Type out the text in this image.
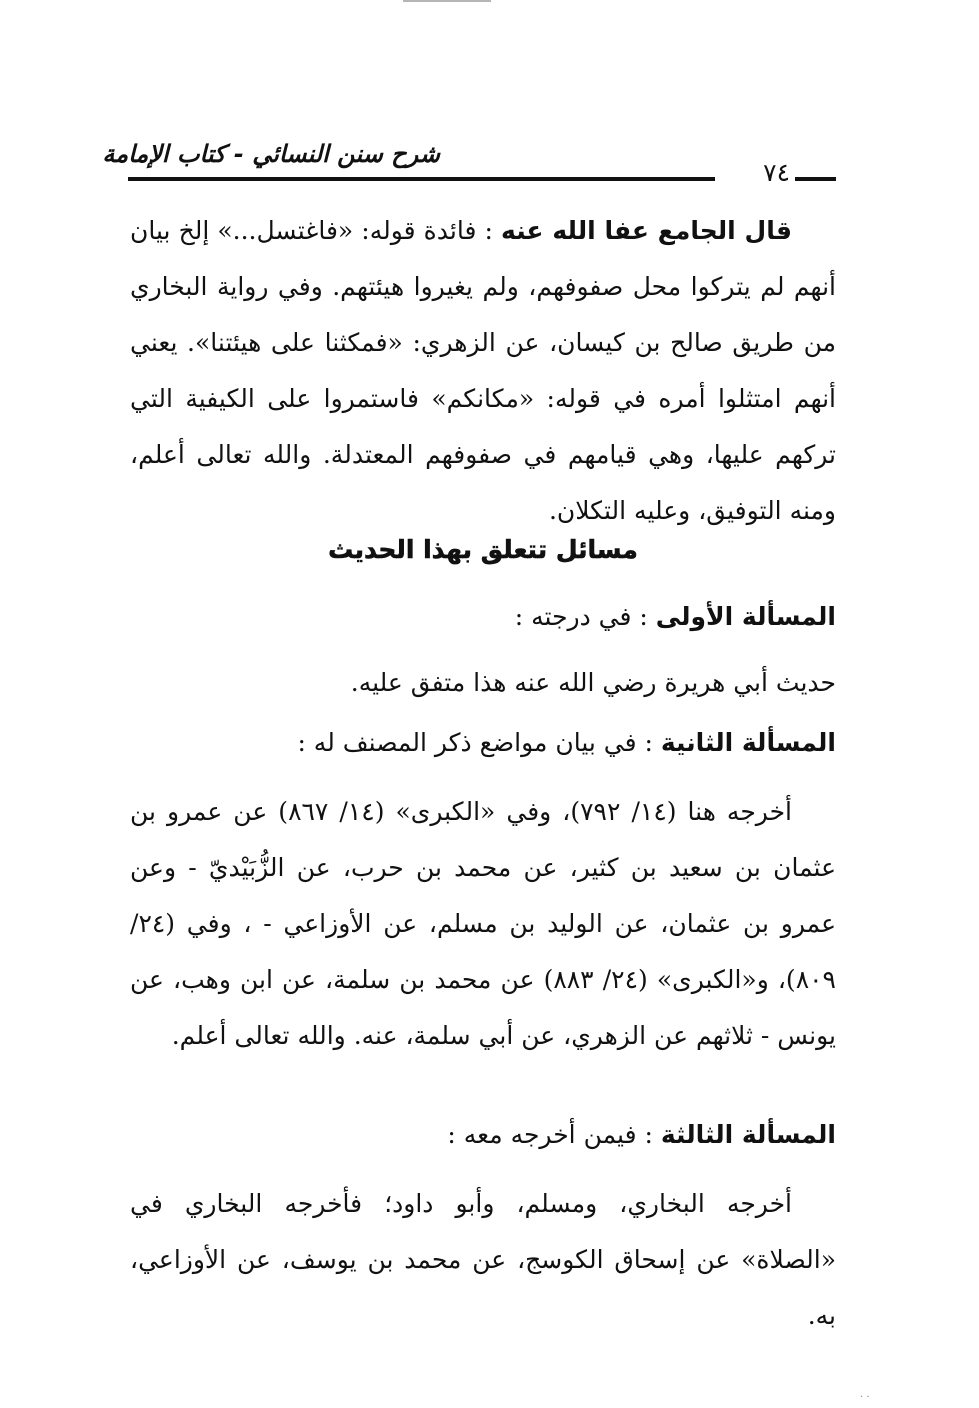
شرح سنن النسائي - كتاب الإمامة
٧٤
قال الجامع عفا الله عنه : فائدة قوله: «فاغتسل...» إلخ بيان أنهم لم يتركوا محل صفوفهم، ولم يغيروا هيئتهم. وفي رواية البخاري من طريق صالح بن كيسان، عن الزهري: «فمكثنا على هيئتنا». يعني أنهم امتثلوا أمره في قوله: «مكانكم» فاستمروا على الكيفية التي تركهم عليها، وهي قيامهم في صفوفهم المعتدلة. والله تعالى أعلم، ومنه التوفيق، وعليه التكلان.
مسائل تتعلق بهذا الحديث
المسألة الأولى : في درجته :
حديث أبي هريرة رضي الله عنه هذا متفق عليه.
المسألة الثانية : في بيان مواضع ذكر المصنف له :
أخرجه هنا (١٤/ ٧٩٢)، وفي «الكبرى» (١٤/ ٨٦٧) عن عمرو بن عثمان بن سعيد بن كثير، عن محمد بن حرب، عن الزُّبَيْديّ - وعن عمرو بن عثمان، عن الوليد بن مسلم، عن الأوزاعي - ، وفي (٢٤/ ٨٠٩)، و«الكبرى» (٢٤/ ٨٨٣) عن محمد بن سلمة، عن ابن وهب، عن يونس - ثلاثهم عن الزهري، عن أبي سلمة، عنه. والله تعالى أعلم.
المسألة الثالثة : فيمن أخرجه معه :
أخرجه البخاري، ومسلم، وأبو داود؛ فأخرجه البخاري في «الصلاة» عن إسحاق الكوسج، عن محمد بن يوسف، عن الأوزاعي، به.
· ·
